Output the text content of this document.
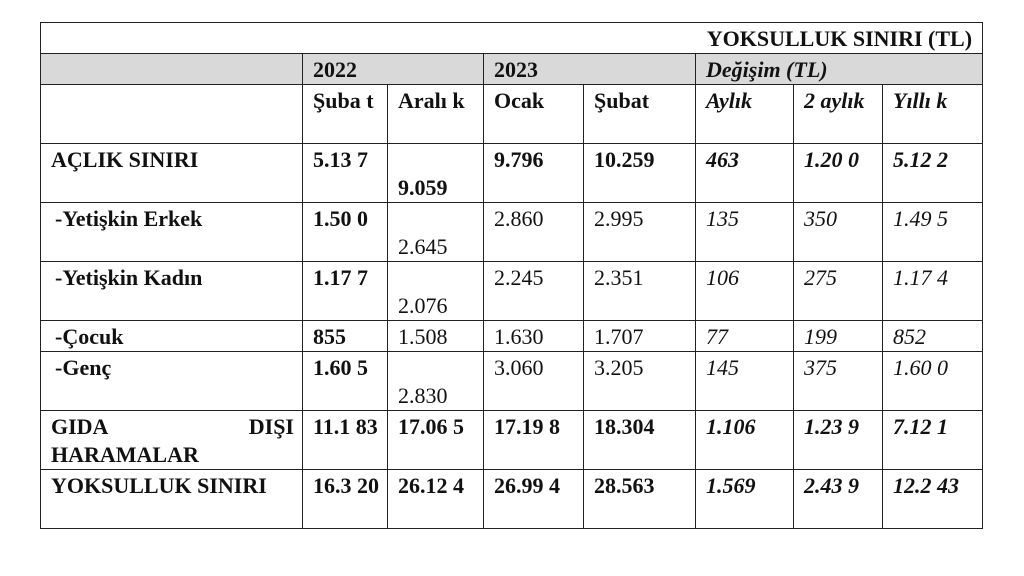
YOKSULLUK SINIRI (TL)							
	2022		2023		Değişim (TL)		
	Şuba t	Aralı k	Ocak	Şubat	Aylık	2 aylık	Yıllı k
AÇLIK SINIRI	5.13 7	9.059	9.796	10.259	463	1.20 0	5.12 2
-Yetişkin Erkek	1.50 0	2.645	2.860	2.995	135	350	1.49 5
-Yetişkin Kadın	1.17 7	2.076	2.245	2.351	106	275	1.17 4
-Çocuk	855	1.508	1.630	1.707	77	199	852
-Genç	1.60 5	2.830	3.060	3.205	145	375	1.60 0

GIDA DIŞI
HARAMALAR	11.1 83	17.06 5	17.19 8	18.304	1.106	1.23 9	7.12 1
YOKSULLUK SINIRI	16.3 20	26.12 4	26.99 4	28.563	1.569	2.43 9	12.2 43
